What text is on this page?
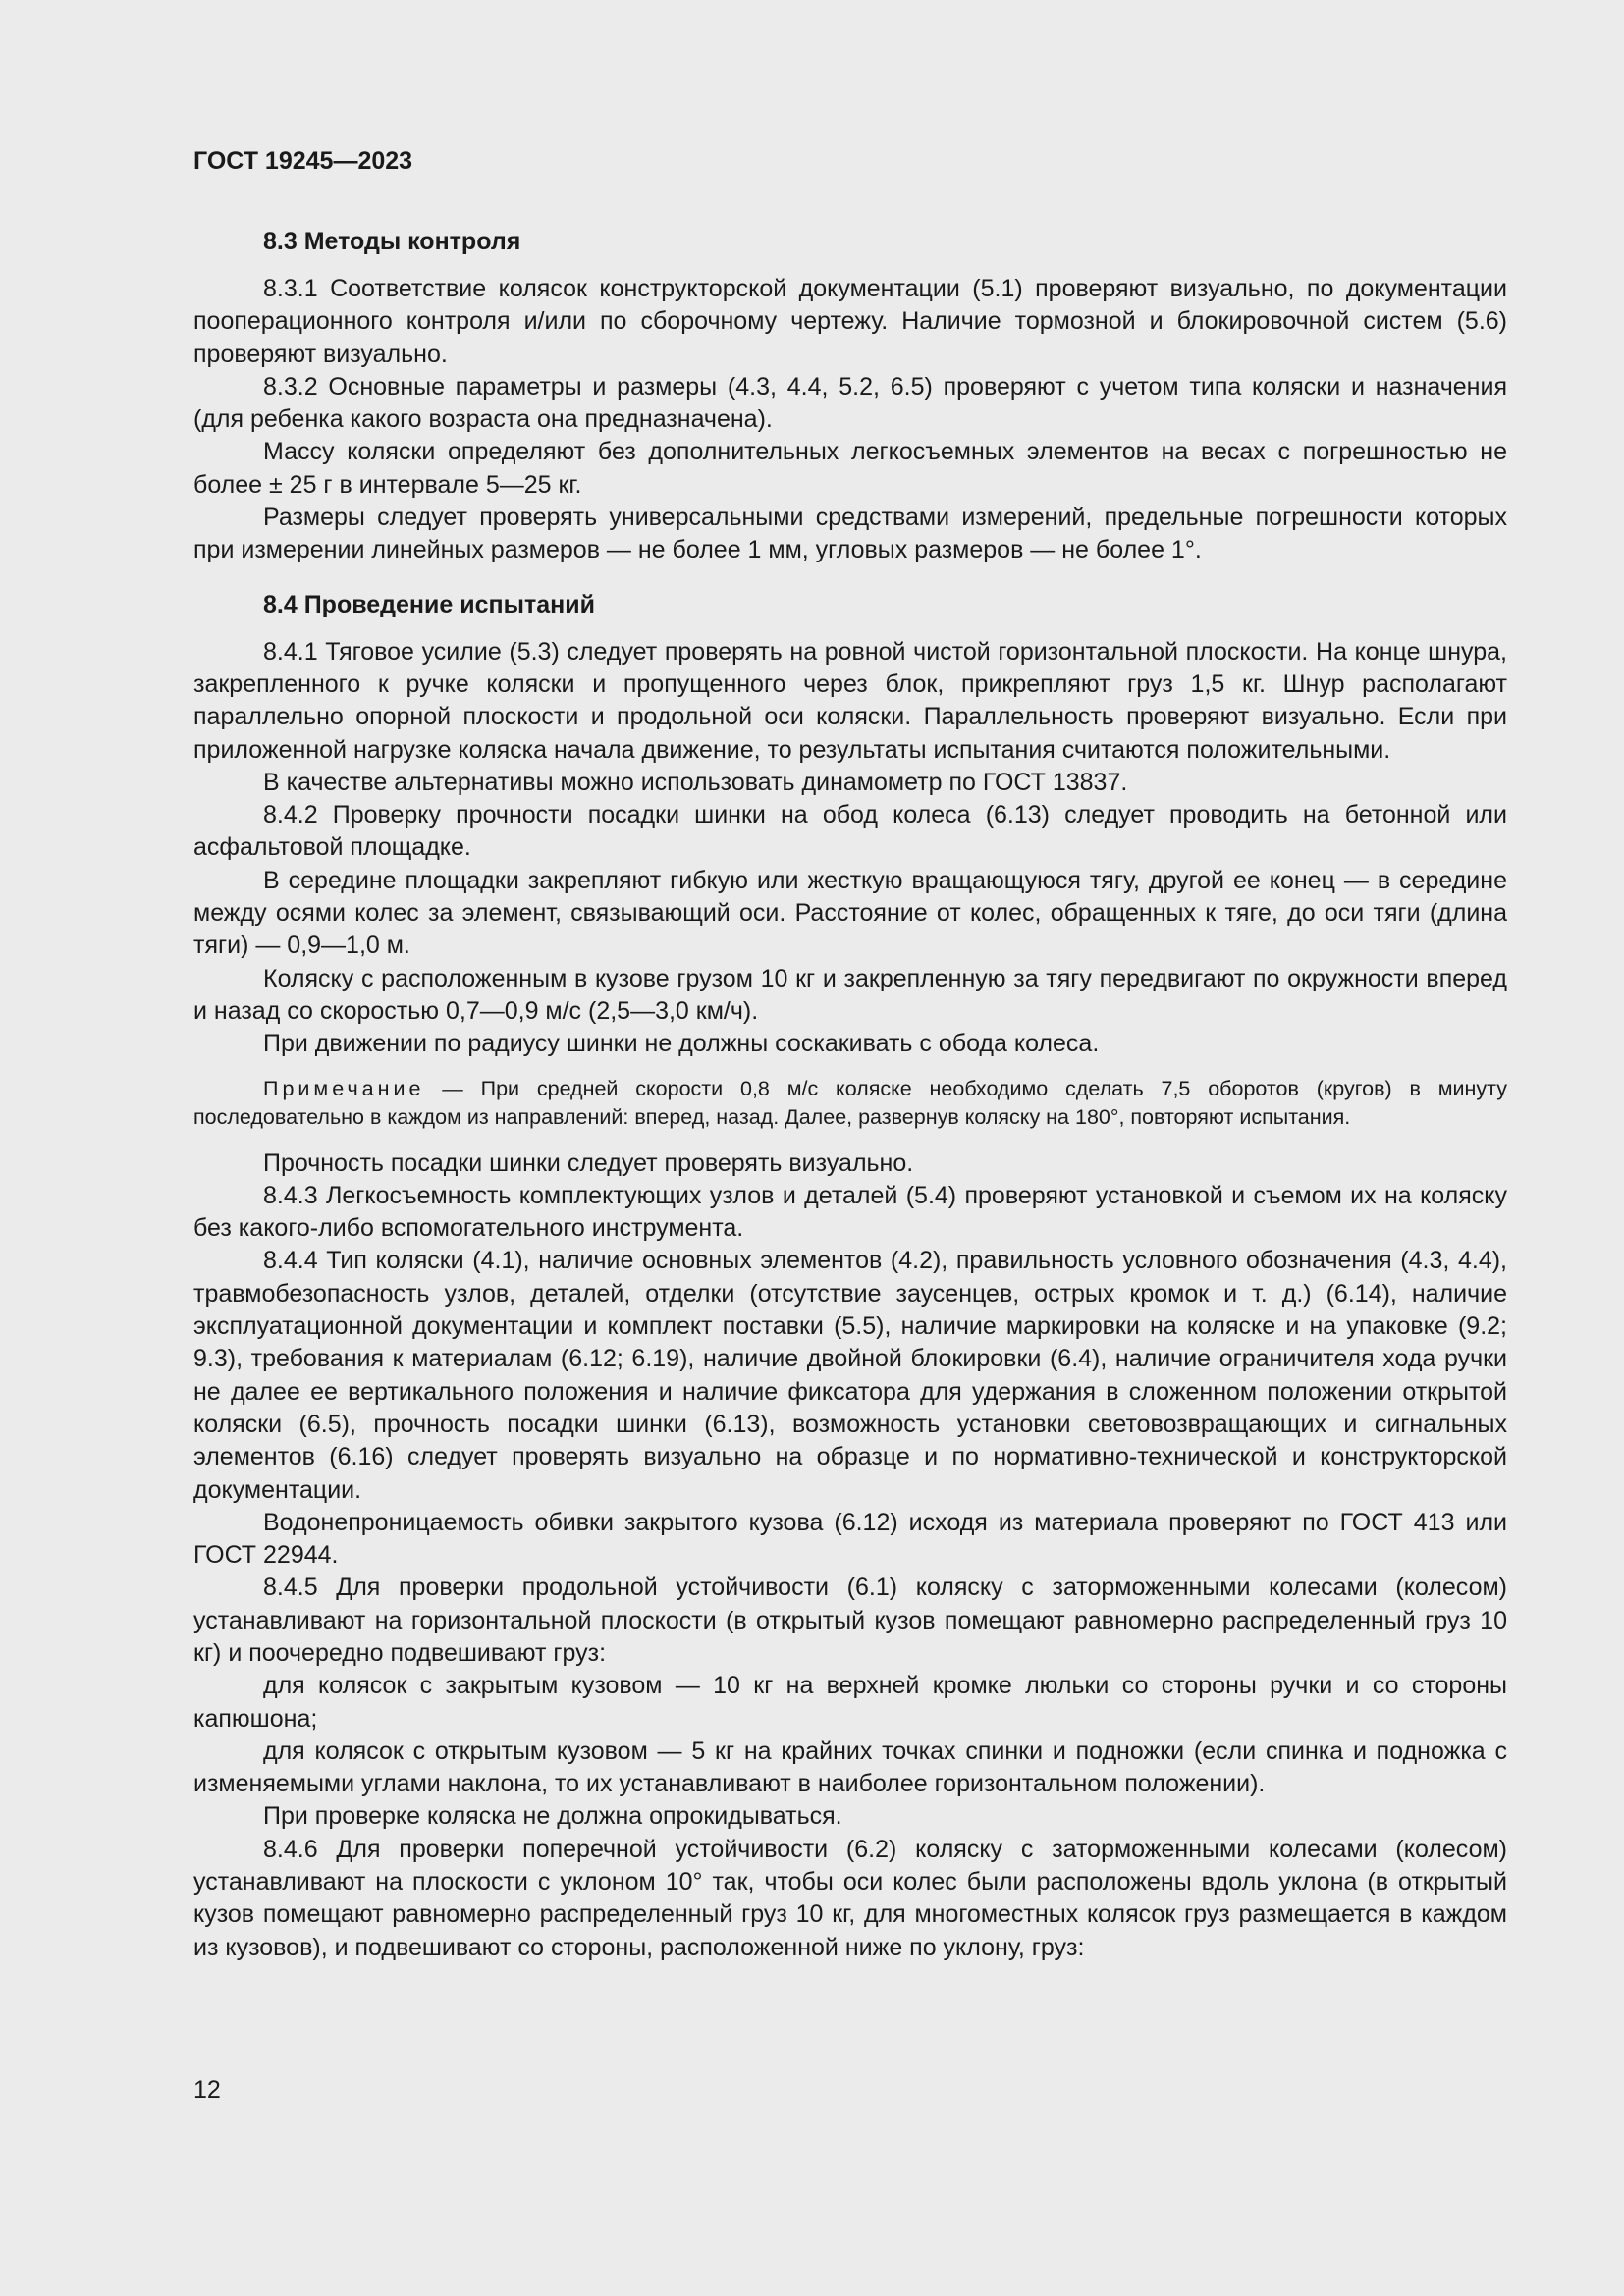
ГОСТ 19245—2023
8.3 Методы контроля

8.3.1 Соответствие колясок конструкторской документации (5.1) проверяют визуально, по документации пооперационного контроля и/или по сборочному чертежу. Наличие тормозной и блокировочной систем (5.6) проверяют визуально.

8.3.2 Основные параметры и размеры (4.3, 4.4, 5.2, 6.5) проверяют с учетом типа коляски и назначения (для ребенка какого возраста она предназначена).

Массу коляски определяют без дополнительных легкосъемных элементов на весах с погрешностью не более ± 25 г в интервале 5—25 кг.

Размеры следует проверять универсальными средствами измерений, предельные погрешности которых при измерении линейных размеров — не более 1 мм, угловых размеров — не более 1°.

8.4 Проведение испытаний

8.4.1 Тяговое усилие (5.3) следует проверять на ровной чистой горизонтальной плоскости. На конце шнура, закрепленного к ручке коляски и пропущенного через блок, прикрепляют груз 1,5 кг. Шнур располагают параллельно опорной плоскости и продольной оси коляски. Параллельность проверяют визуально. Если при приложенной нагрузке коляска начала движение, то результаты испытания считаются положительными.

В качестве альтернативы можно использовать динамометр по ГОСТ 13837.

8.4.2 Проверку прочности посадки шинки на обод колеса (6.13) следует проводить на бетонной или асфальтовой площадке.

В середине площадки закрепляют гибкую или жесткую вращающуюся тягу, другой ее конец — в середине между осями колес за элемент, связывающий оси. Расстояние от колес, обращенных к тяге, до оси тяги (длина тяги) — 0,9—1,0 м.

Коляску с расположенным в кузове грузом 10 кг и закрепленную за тягу передвигают по окружности вперед и назад со скоростью 0,7—0,9 м/с (2,5—3,0 км/ч).

При движении по радиусу шинки не должны соскакивать с обода колеса.

Примечание — При средней скорости 0,8 м/с коляске необходимо сделать 7,5 оборотов (кругов) в минуту последовательно в каждом из направлений: вперед, назад. Далее, развернув коляску на 180°, повторяют испытания.

Прочность посадки шинки следует проверять визуально.

8.4.3 Легкосъемность комплектующих узлов и деталей (5.4) проверяют установкой и съемом их на коляску без какого-либо вспомогательного инструмента.

8.4.4 Тип коляски (4.1), наличие основных элементов (4.2), правильность условного обозначения (4.3, 4.4), травмобезопасность узлов, деталей, отделки (отсутствие заусенцев, острых кромок и т. д.) (6.14), наличие эксплуатационной документации и комплект поставки (5.5), наличие маркировки на коляске и на упаковке (9.2; 9.3), требования к материалам (6.12; 6.19), наличие двойной блокировки (6.4), наличие ограничителя хода ручки не далее ее вертикального положения и наличие фиксатора для удержания в сложенном положении открытой коляски (6.5), прочность посадки шинки (6.13), возможность установки световозвращающих и сигнальных элементов (6.16) следует проверять визуально на образце и по нормативно-технической и конструкторской документации.

Водонепроницаемость обивки закрытого кузова (6.12) исходя из материала проверяют по ГОСТ 413 или ГОСТ 22944.

8.4.5 Для проверки продольной устойчивости (6.1) коляску с заторможенными колесами (колесом) устанавливают на горизонтальной плоскости (в открытый кузов помещают равномерно распределенный груз 10 кг) и поочередно подвешивают груз:

для колясок с закрытым кузовом — 10 кг на верхней кромке люльки со стороны ручки и со стороны капюшона;

для колясок с открытым кузовом — 5 кг на крайних точках спинки и подножки (если спинка и подножка с изменяемыми углами наклона, то их устанавливают в наиболее горизонтальном положении).

При проверке коляска не должна опрокидываться.

8.4.6 Для проверки поперечной устойчивости (6.2) коляску с заторможенными колесами (колесом) устанавливают на плоскости с уклоном 10° так, чтобы оси колес были расположены вдоль уклона (в открытый кузов помещают равномерно распределенный груз 10 кг, для многоместных колясок груз размещается в каждом из кузовов), и подвешивают со стороны, расположенной ниже по уклону, груз:

12
